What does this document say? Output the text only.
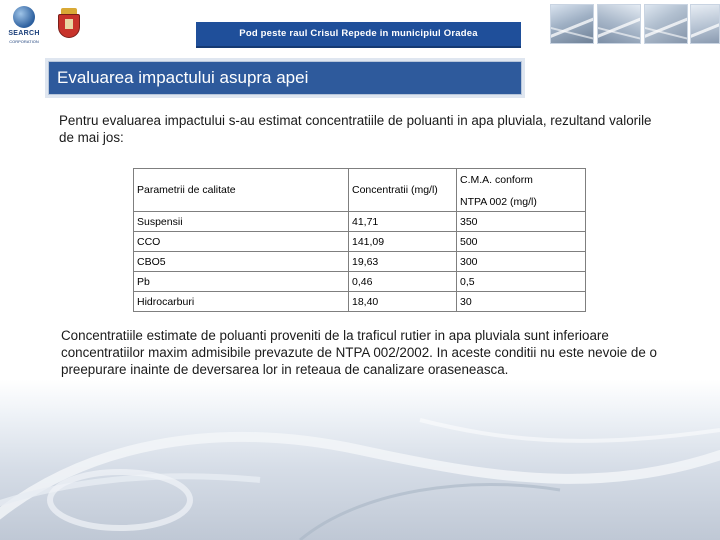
SEARCH
CORPORATION
Pod peste raul Crisul Repede in municipiul Oradea
Evaluarea impactului asupra apei
Pentru evaluarea impactului s-au estimat concentratiile de poluanti in apa pluviala, rezultand valorile de mai jos:
Parametrii de calitate	Concentratii (mg/l)	C.M.A. conform
NTPA 002 (mg/l)
Suspensii	41,71	350
CCO	141,09	500
CBO5	19,63	300
Pb	0,46	0,5
Hidrocarburi	18,40	30
Concentratiile estimate de poluanti proveniti de la traficul rutier in apa pluviala sunt inferioare concentratiilor maxim admisibile prevazute de NTPA 002/2002. In aceste conditii nu este nevoie de o preepurare inainte de deversarea lor in reteaua de canalizare oraseneasca.
